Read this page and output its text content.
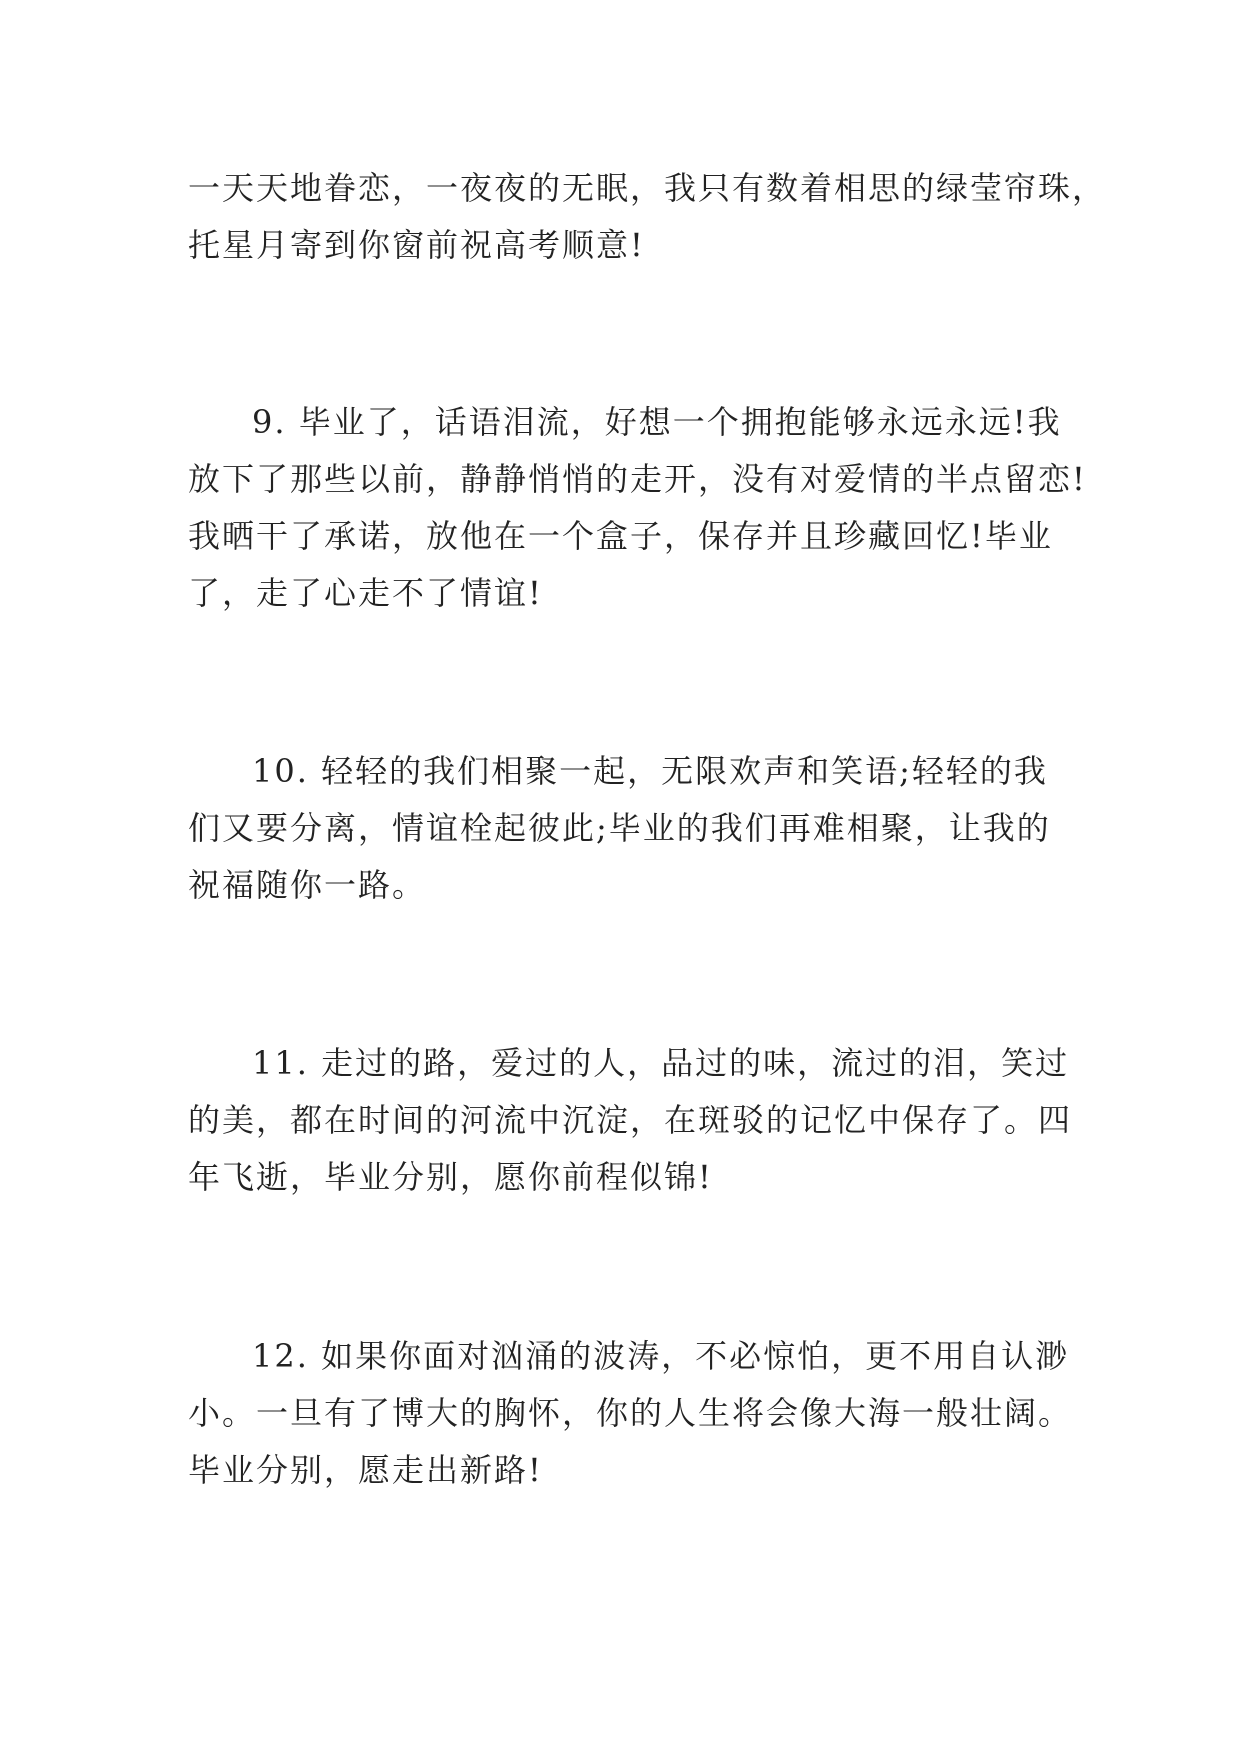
一天天地眷恋，一夜夜的无眠，我只有数着相思的绿莹帘珠，
托星月寄到你窗前祝高考顺意!

9. 毕业了，话语泪流，好想一个拥抱能够永远永远!我
放下了那些以前，静静悄悄的走开，没有对爱情的半点留恋!
我晒干了承诺，放他在一个盒子，保存并且珍藏回忆!毕业
了，走了心走不了情谊!

10. 轻轻的我们相聚一起，无限欢声和笑语;轻轻的我
们又要分离，情谊栓起彼此;毕业的我们再难相聚，让我的
祝福随你一路。

11. 走过的路，爱过的人，品过的味，流过的泪，笑过
的美，都在时间的河流中沉淀，在斑驳的记忆中保存了。四
年飞逝，毕业分别，愿你前程似锦!

12. 如果你面对汹涌的波涛，不必惊怕，更不用自认渺
小。一旦有了博大的胸怀，你的人生将会像大海一般壮阔。
毕业分别，愿走出新路!
